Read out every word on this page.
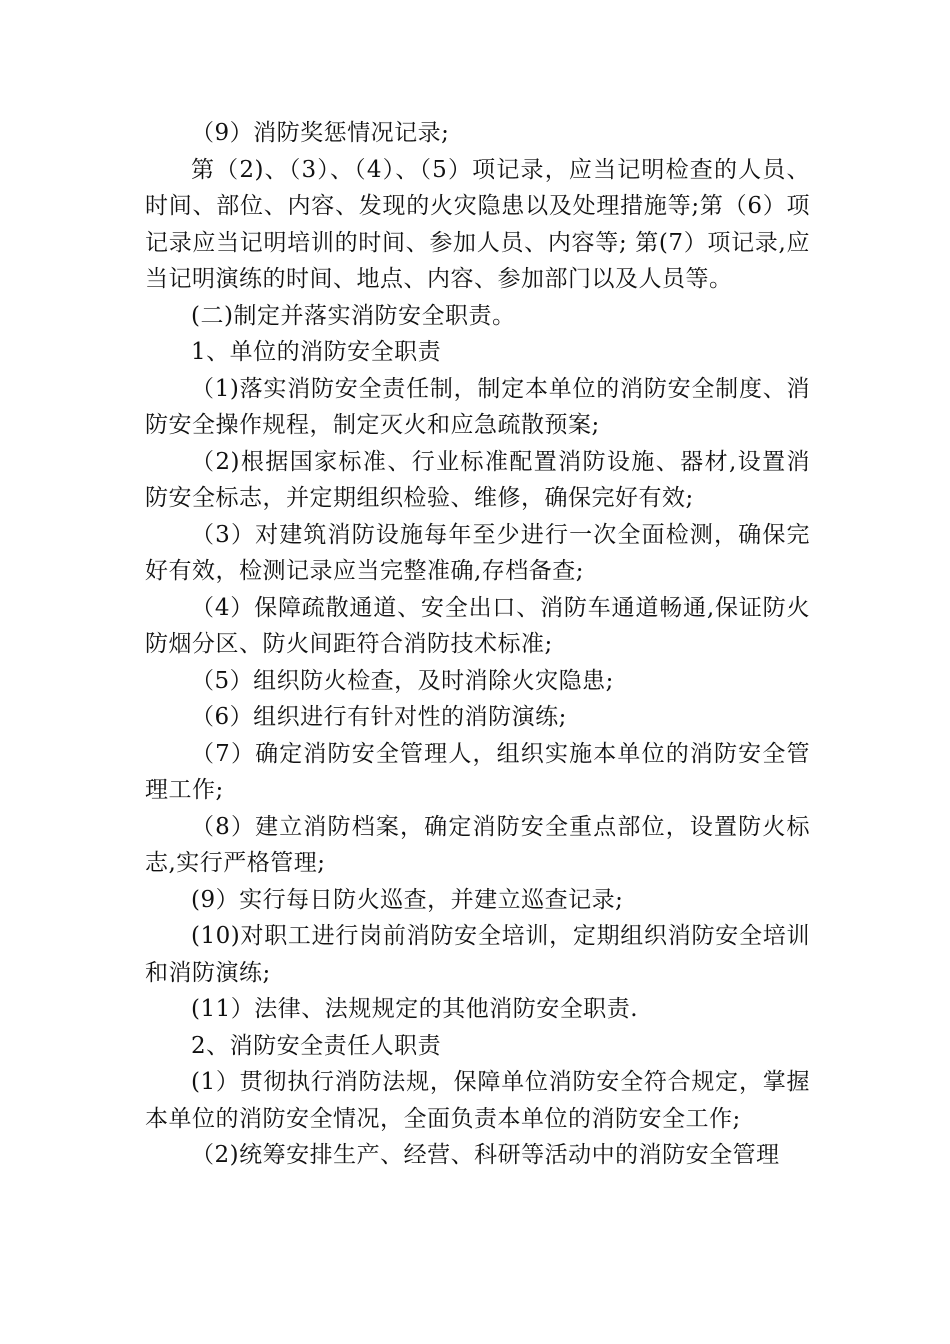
（9）消防奖惩情况记录;

第（2)、（3）、（4）、（5）项记录，应当记明检查的人员、时间、部位、内容、发现的火灾隐患以及处理措施等;第（6）项记录应当记明培训的时间、参加人员、内容等; 第(7）项记录,应当记明演练的时间、地点、内容、参加部门以及人员等。

(二)制定并落实消防安全职责。

1、单位的消防安全职责

（1)落实消防安全责任制，制定本单位的消防安全制度、消防安全操作规程，制定灭火和应急疏散预案;

（2)根据国家标准、行业标准配置消防设施、器材,设置消防安全标志，并定期组织检验、维修，确保完好有效;

（3）对建筑消防设施每年至少进行一次全面检测，确保完好有效，检测记录应当完整准确,存档备查;

（4）保障疏散通道、安全出口、消防车通道畅通,保证防火防烟分区、防火间距符合消防技术标准;

（5）组织防火检查，及时消除火灾隐患;

（6）组织进行有针对性的消防演练;

（7）确定消防安全管理人，组织实施本单位的消防安全管理工作;

（8）建立消防档案，确定消防安全重点部位，设置防火标志,实行严格管理;

(9）实行每日防火巡查，并建立巡查记录;

(10)对职工进行岗前消防安全培训，定期组织消防安全培训和消防演练;

(11）法律、法规规定的其他消防安全职责.

2、消防安全责任人职责

(1）贯彻执行消防法规，保障单位消防安全符合规定，掌握本单位的消防安全情况，全面负责本单位的消防安全工作;

（2)统筹安排生产、经营、科研等活动中的消防安全管理
